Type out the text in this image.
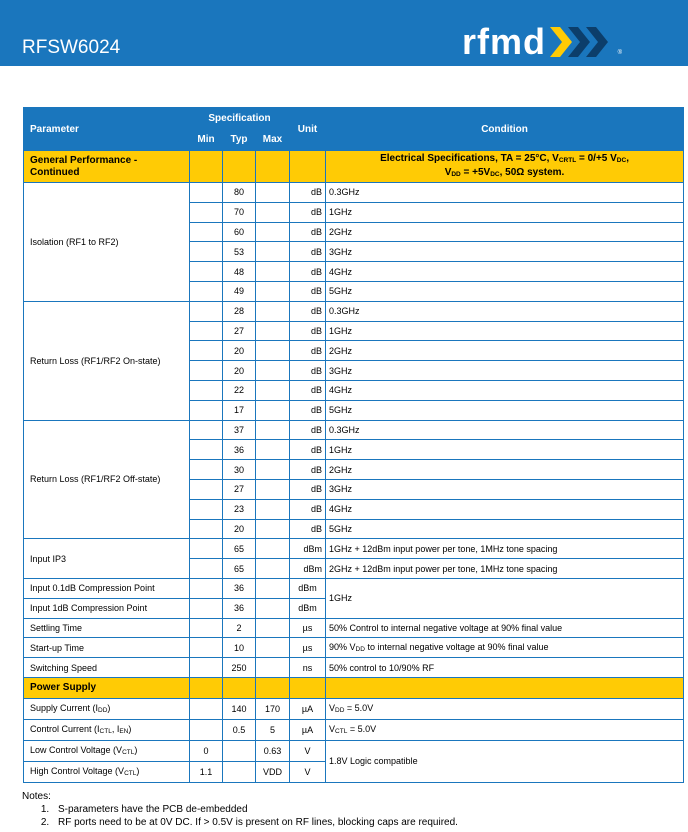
RFSW6024	rfmd	®
Parameter	Specification			Unit	Condition
	Min	Typ	Max		
General Performance - Continued					Electrical Specifications, TA = 25°C, $V_{CRTL} = 0/+5$ $V_{DC}$,
$V_{DD} = +5V_{DC}$, 50Ω system.
Isolation (RF1 to RF2)		80		dB	0.3GHz
		70		dB	1GHz
		60		dB	2GHz
		53		dB	3GHz
		48		dB	4GHz
		49		dB	5GHz
Return Loss (RF1/RF2 On-state)		28		dB	0.3GHz
		27		dB	1GHz
		20		dB	2GHz
		20		dB	3GHz
		22		dB	4GHz
		17		dB	5GHz
Return Loss (RF1/RF2 Off-state)		37		dB	0.3GHz
		36		dB	1GHz
		30		dB	2GHz
		27		dB	3GHz
		23		dB	4GHz
		20		dB	5GHz
Input IP3		65		dBm	1GHz + 12dBm input power per tone, 1MHz tone spacing
		65		dBm	2GHz + 12dBm input power per tone, 1MHz tone spacing
Input 0.1dB Compression Point		36		dBm	1GHz
Input 1dB Compression Point		36		dBm	
Settling Time		2		µs	50% Control to internal negative voltage at 90% final value
Start-up Time		10		µs	90% $V_{DD}$ to internal negative voltage at 90% final value
Switching Speed		250		ns	50% control to 10/90% RF
Power Supply					
Supply Current $(I_{DD})$		140	170	µA	$V_{DD} = 5.0V$
Control Current ($I_{CTL}$, $I_{EN}$)		0.5	5	µA	$V_{CTL} = 5.0V$
Low Control Voltage $(V_{CTL})$	0		0.63	V	1.8V Logic compatible
High Control Voltage $(V_{CTL})$	1.1		VDD	V	
Notes:
1. S-parameters have the PCB de-embedded
2. RF ports need to be at 0V DC. If > 0.5V is present on RF lines, blocking caps are required.
